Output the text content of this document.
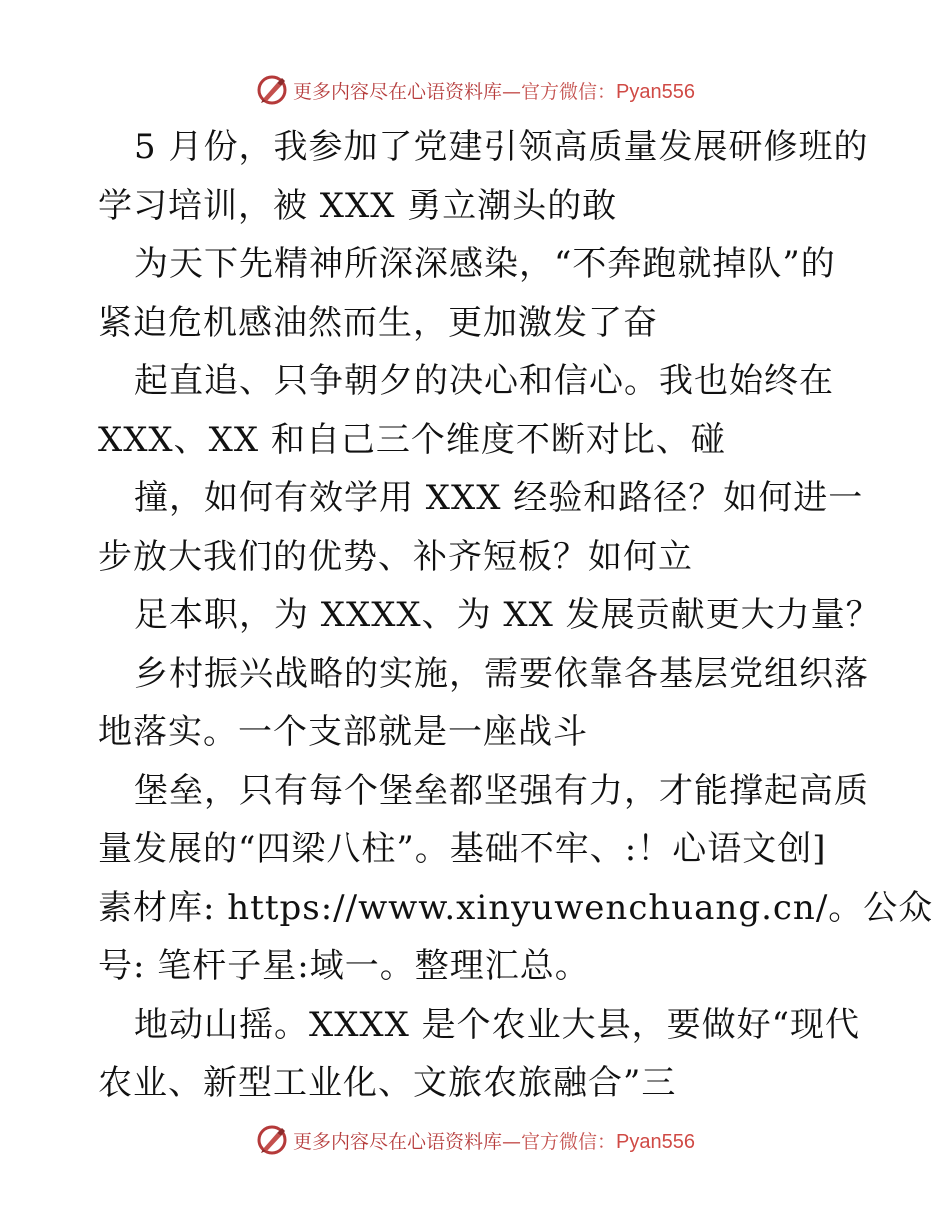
更多内容尽在心语资料库—官方微信：Pyan556
5 月份，我参加了党建引领高质量发展研修班的
学习培训，被 XXX 勇立潮头的敢
为天下先精神所深深感染，“不奔跑就掉队”的
紧迫危机感油然而生，更加激发了奋
起直追、只争朝夕的决心和信心。我也始终在
XXX、XX 和自己三个维度不断对比、碰
撞，如何有效学用 XXX 经验和路径？如何进一
步放大我们的优势、补齐短板？如何立
足本职，为 XXXX、为 XX 发展贡献更大力量？
乡村振兴战略的实施，需要依靠各基层党组织落
地落实。一个支部就是一座战斗
堡垒，只有每个堡垒都坚强有力，才能撑起高质
量发展的“四梁八柱”。基础不牢、:！心语文创]
素材库: https://www.xinyuwenchuang.cn/。公众
号: 笔杆子星:域一。整理汇总。
地动山摇。XXXX 是个农业大县，要做好“现代
农业、新型工业化、文旅农旅融合”三
更多内容尽在心语资料库—官方微信：Pyan556
